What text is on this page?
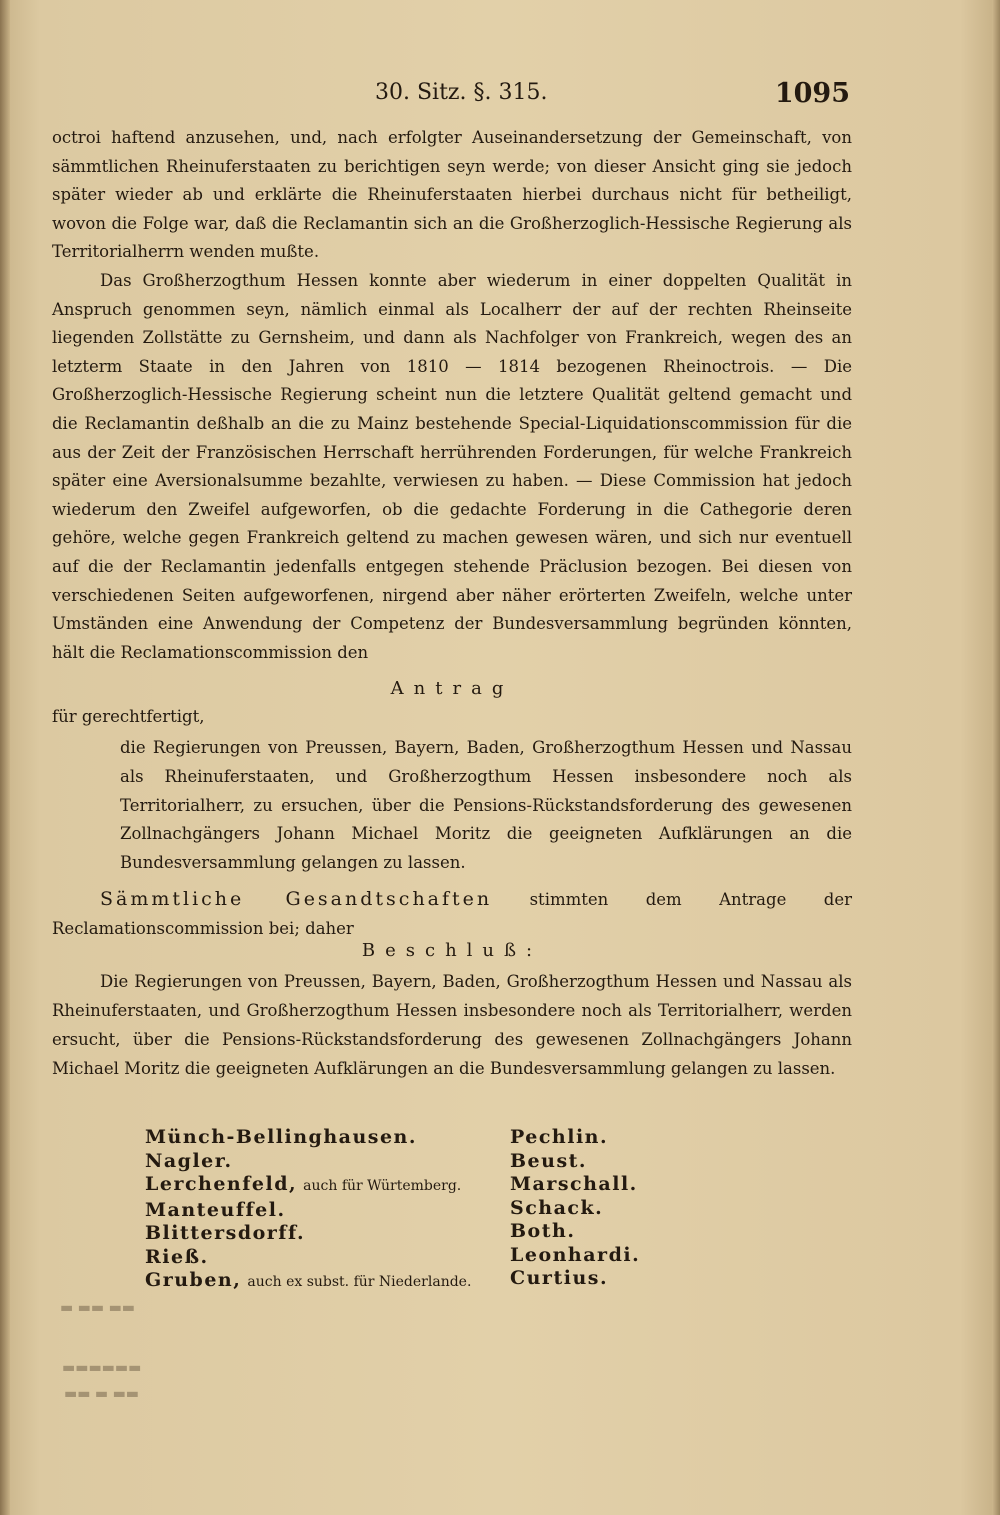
30. Sitz. §. 315.	1095

octroi haftend anzusehen, und, nach erfolgter Auseinandersetzung der Gemeinschaft, von sämmtlichen Rheinuferstaaten zu berichtigen seyn werde; von dieser Ansicht ging sie jedoch später wieder ab und erklärte die Rheinuferstaaten hierbei durchaus nicht für betheiligt, wovon die Folge war, daß die Reclamantin sich an die Großherzoglich-Hessische Regierung als Territorialherrn wenden mußte.

Das Großherzogthum Hessen konnte aber wiederum in einer doppelten Qualität in Anspruch genommen seyn, nämlich einmal als Localherr der auf der rechten Rheinseite liegenden Zollstätte zu Gernsheim, und dann als Nachfolger von Frankreich, wegen des an letzterm Staate in den Jahren von 1810 — 1814 bezogenen Rheinoctrois. — Die Großherzoglich-Hessische Regierung scheint nun die letztere Qualität geltend gemacht und die Reclamantin deßhalb an die zu Mainz bestehende Special-Liquidationscommission für die aus der Zeit der Französischen Herrschaft herrührenden Forderungen, für welche Frankreich später eine Aversionalsumme bezahlte, verwiesen zu haben. — Diese Commission hat jedoch wiederum den Zweifel aufgeworfen, ob die gedachte Forderung in die Cathegorie deren gehöre, welche gegen Frankreich geltend zu machen gewesen wären, und sich nur eventuell auf die der Reclamantin jedenfalls entgegen stehende Präclusion bezogen. Bei diesen von verschiedenen Seiten aufgeworfenen, nirgend aber näher erörterten Zweifeln, welche unter Umständen eine Anwendung der Competenz der Bundesversammlung begründen könnten, hält die Reclamationscommission den

Antrag
für gerechtfertigt,
die Regierungen von Preussen, Bayern, Baden, Großherzogthum Hessen und Nassau als Rheinuferstaaten, und Großherzogthum Hessen insbesondere noch als Territorialherr, zu ersuchen, über die Pensions-Rückstandsforderung des gewesenen Zollnachgängers Johann Michael Moritz die geeigneten Aufklärungen an die Bundesversammlung gelangen zu lassen.
Sämmtliche Gesandtschaften stimmten dem Antrage der Reclamationscommission bei; daher
Beschluß:
Die Regierungen von Preussen, Bayern, Baden, Großherzogthum Hessen und Nassau als Rheinuferstaaten, und Großherzogthum Hessen insbesondere noch als Territorialherr, werden ersucht, über die Pensions-Rückstandsforderung des gewesenen Zollnachgängers Johann Michael Moritz die geeigneten Aufklärungen an die Bundesversammlung gelangen zu lassen.
Münch-Bellinghausen.
Nagler.
Lerchenfeld, auch für Würtemberg.
Manteuffel.
Blittersdorff.
Rieß.
Gruben, auch ex subst. für Niederlande.
Pechlin.
Beust.
Marschall.
Schack.
Both.
Leonhardi.
Curtius.
▬▬ ▬▬ ▬
▬▬▬▬▬▬
▬▬ ▬ ▬▬
